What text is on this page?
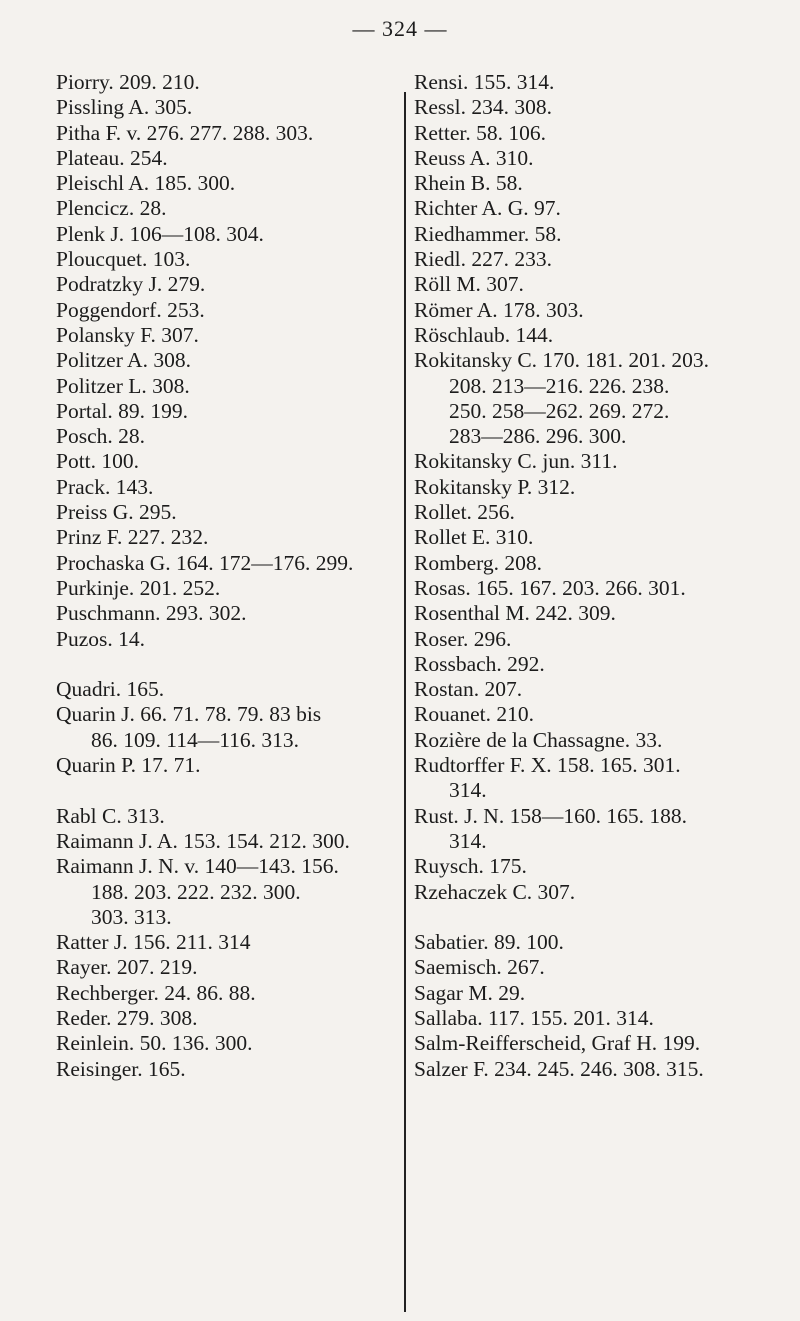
— 324 —
Piorry. 209. 210.
Pissling A. 305.
Pitha F. v. 276. 277. 288. 303.
Plateau. 254.
Pleischl A. 185. 300.
Plencicz. 28.
Plenk J. 106—108. 304.
Ploucquet. 103.
Podratzky J. 279.
Poggendorf. 253.
Polansky F. 307.
Politzer A. 308.
Politzer L. 308.
Portal. 89. 199.
Posch. 28.
Pott. 100.
Prack. 143.
Preiss G. 295.
Prinz F. 227. 232.
Prochaska G. 164. 172—176. 299.
Purkinje. 201. 252.
Puschmann. 293. 302.
Puzos. 14.
Quadri. 165.
Quarin J. 66. 71. 78. 79. 83 bis
86. 109. 114—116. 313.
Quarin P. 17. 71.
Rabl C. 313.
Raimann J. A. 153. 154. 212. 300.
Raimann J. N. v. 140—143. 156.
188. 203. 222. 232. 300.
303. 313.
Ratter J. 156. 211. 314
Rayer. 207. 219.
Rechberger. 24. 86. 88.
Reder. 279. 308.
Reinlein. 50. 136. 300.
Reisinger. 165.
Rensi. 155. 314.
Ressl. 234. 308.
Retter. 58. 106.
Reuss A. 310.
Rhein B. 58.
Richter A. G. 97.
Riedhammer. 58.
Riedl. 227. 233.
Röll M. 307.
Römer A. 178. 303.
Röschlaub. 144.
Rokitansky C. 170. 181. 201. 203.
208. 213—216. 226. 238.
250. 258—262. 269. 272.
283—286. 296. 300.
Rokitansky C. jun. 311.
Rokitansky P. 312.
Rollet. 256.
Rollet E. 310.
Romberg. 208.
Rosas. 165. 167. 203. 266. 301.
Rosenthal M. 242. 309.
Roser. 296.
Rossbach. 292.
Rostan. 207.
Rouanet. 210.
Rozière de la Chassagne. 33.
Rudtorffer F. X. 158. 165. 301.
314.
Rust. J. N. 158—160. 165. 188.
314.
Ruysch. 175.
Rzehaczek C. 307.
Sabatier. 89. 100.
Saemisch. 267.
Sagar M. 29.
Sallaba. 117. 155. 201. 314.
Salm-Reifferscheid, Graf H. 199.
Salzer F. 234. 245. 246. 308. 315.
